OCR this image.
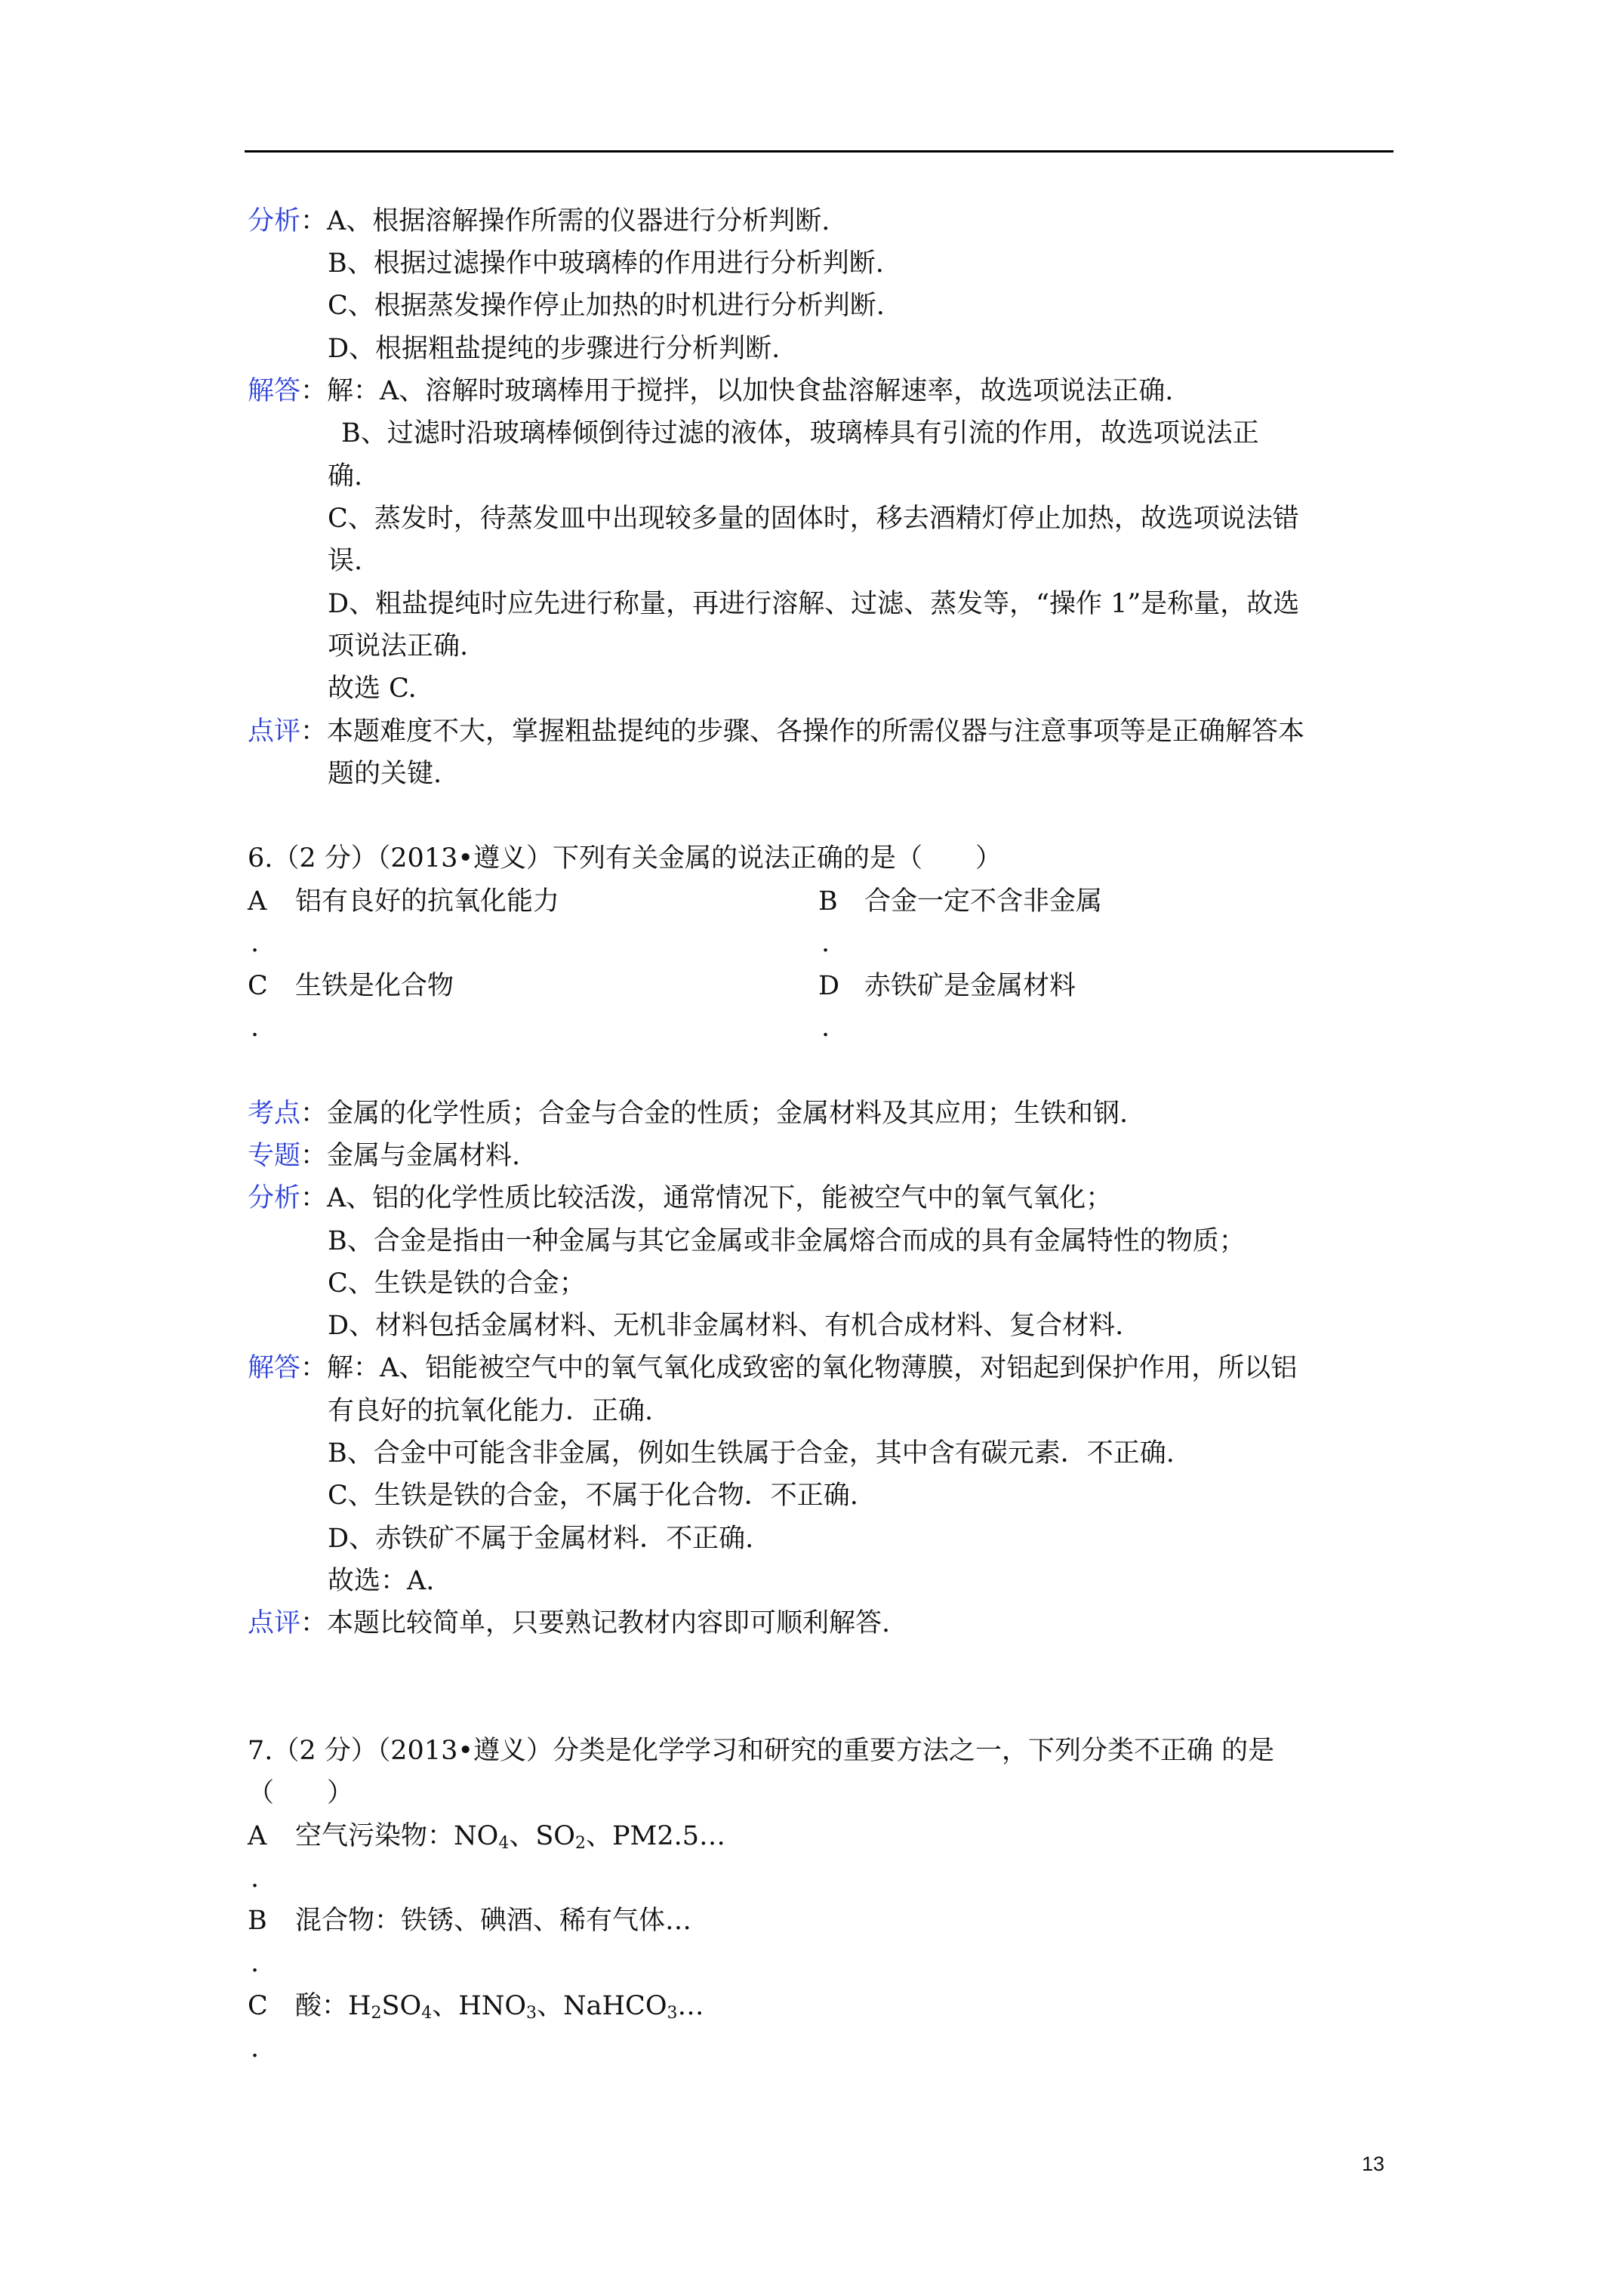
分析：A、根据溶解操作所需的仪器进行分析判断.
B、根据过滤操作中玻璃棒的作用进行分析判断.
C、根据蒸发操作停止加热的时机进行分析判断.
D、根据粗盐提纯的步骤进行分析判断.
解答：解：A、溶解时玻璃棒用于搅拌，以加快食盐溶解速率，故选项说法正确.
B、过滤时沿玻璃棒倾倒待过滤的液体，玻璃棒具有引流的作用，故选项说法正
确.
C、蒸发时，待蒸发皿中出现较多量的固体时，移去酒精灯停止加热，故选项说法错
误.
D、粗盐提纯时应先进行称量，再进行溶解、过滤、蒸发等，“操作 1”是称量，故选
项说法正确.
故选 C.
点评：本题难度不大，掌握粗盐提纯的步骤、各操作的所需仪器与注意事项等是正确解答本
题的关键.
6.（2 分）（2013•遵义）下列有关金属的说法正确的是（　　）
A 铝有良好的抗氧化能力	B 合金一定不含非金属
.	.
C 生铁是化合物	D 赤铁矿是金属材料
.	.
考点：金属的化学性质；合金与合金的性质；金属材料及其应用；生铁和钢.
专题：金属与金属材料.
分析：A、铝的化学性质比较活泼，通常情况下，能被空气中的氧气氧化；
B、合金是指由一种金属与其它金属或非金属熔合而成的具有金属特性的物质；
C、生铁是铁的合金；
D、材料包括金属材料、无机非金属材料、有机合成材料、复合材料.
解答：解：A、铝能被空气中的氧气氧化成致密的氧化物薄膜，对铝起到保护作用，所以铝
有良好的抗氧化能力．正确.
B、合金中可能含非金属，例如生铁属于合金，其中含有碳元素．不正确.
C、生铁是铁的合金，不属于化合物．不正确.
D、赤铁矿不属于金属材料．不正确.
故选：A.
点评：本题比较简单，只要熟记教材内容即可顺利解答.
7.（2 分）（2013•遵义）分类是化学学习和研究的重要方法之一，下列分类不正确 的是
（　　）
A 空气污染物：$NO_4$、$SO_2$、PM2.5…
.
B 混合物：铁锈、碘酒、稀有气体…
.
C 酸：$H_2SO_4$、$HNO_3$、NaHCO$_3$…
.
13
